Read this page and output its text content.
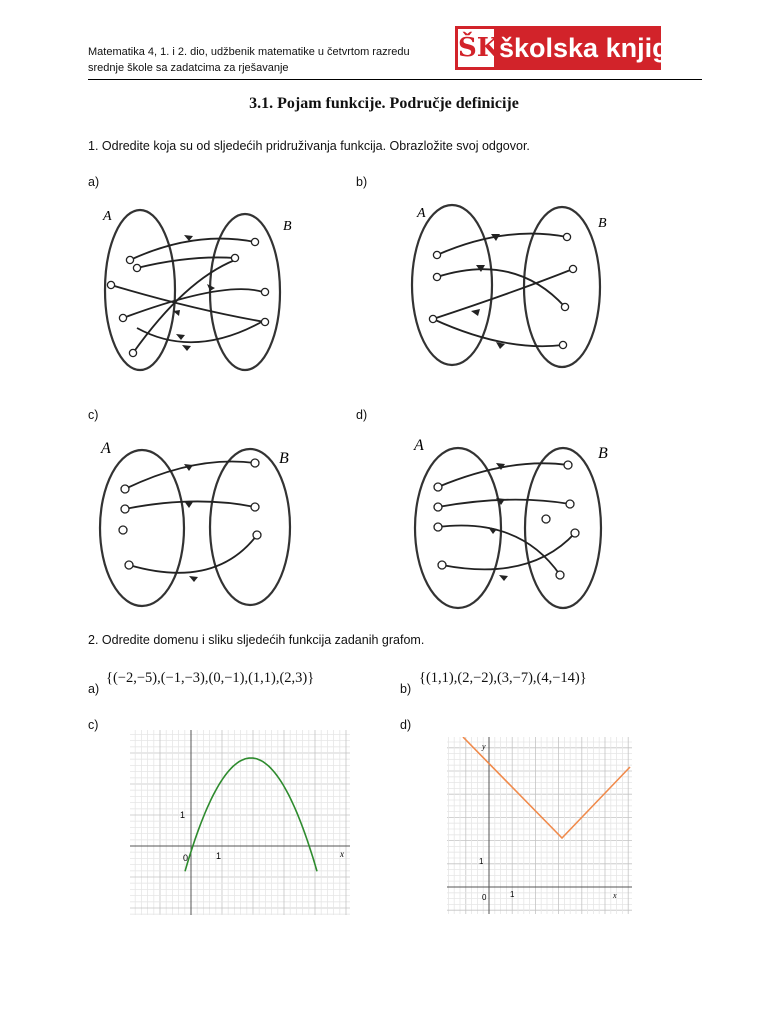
Matematika 4, 1. i 2. dio, udžbenik matematike u četvrtom razredu
srednje škole sa zadatcima za rješavanje
ŠK školska knjiga
3.1. Pojam funkcije. Područje definicije
1. Odredite koja su od sljedećih pridruživanja funkcija. Obrazložite svoj odgovor.
a)	b)
c)	d)
A
B
A
B
A
B
A	B
2. Odredite domenu i sliku sljedećih funkcija zadanih grafom.
a)
{(−2,−5),(−1,−3),(0,−1),(1,1),(2,3)}
b)
{(1,1),(2,−2),(3,−7),(4,−14)}
c)	d)
0	1
1
x
0	1
1
x
y
